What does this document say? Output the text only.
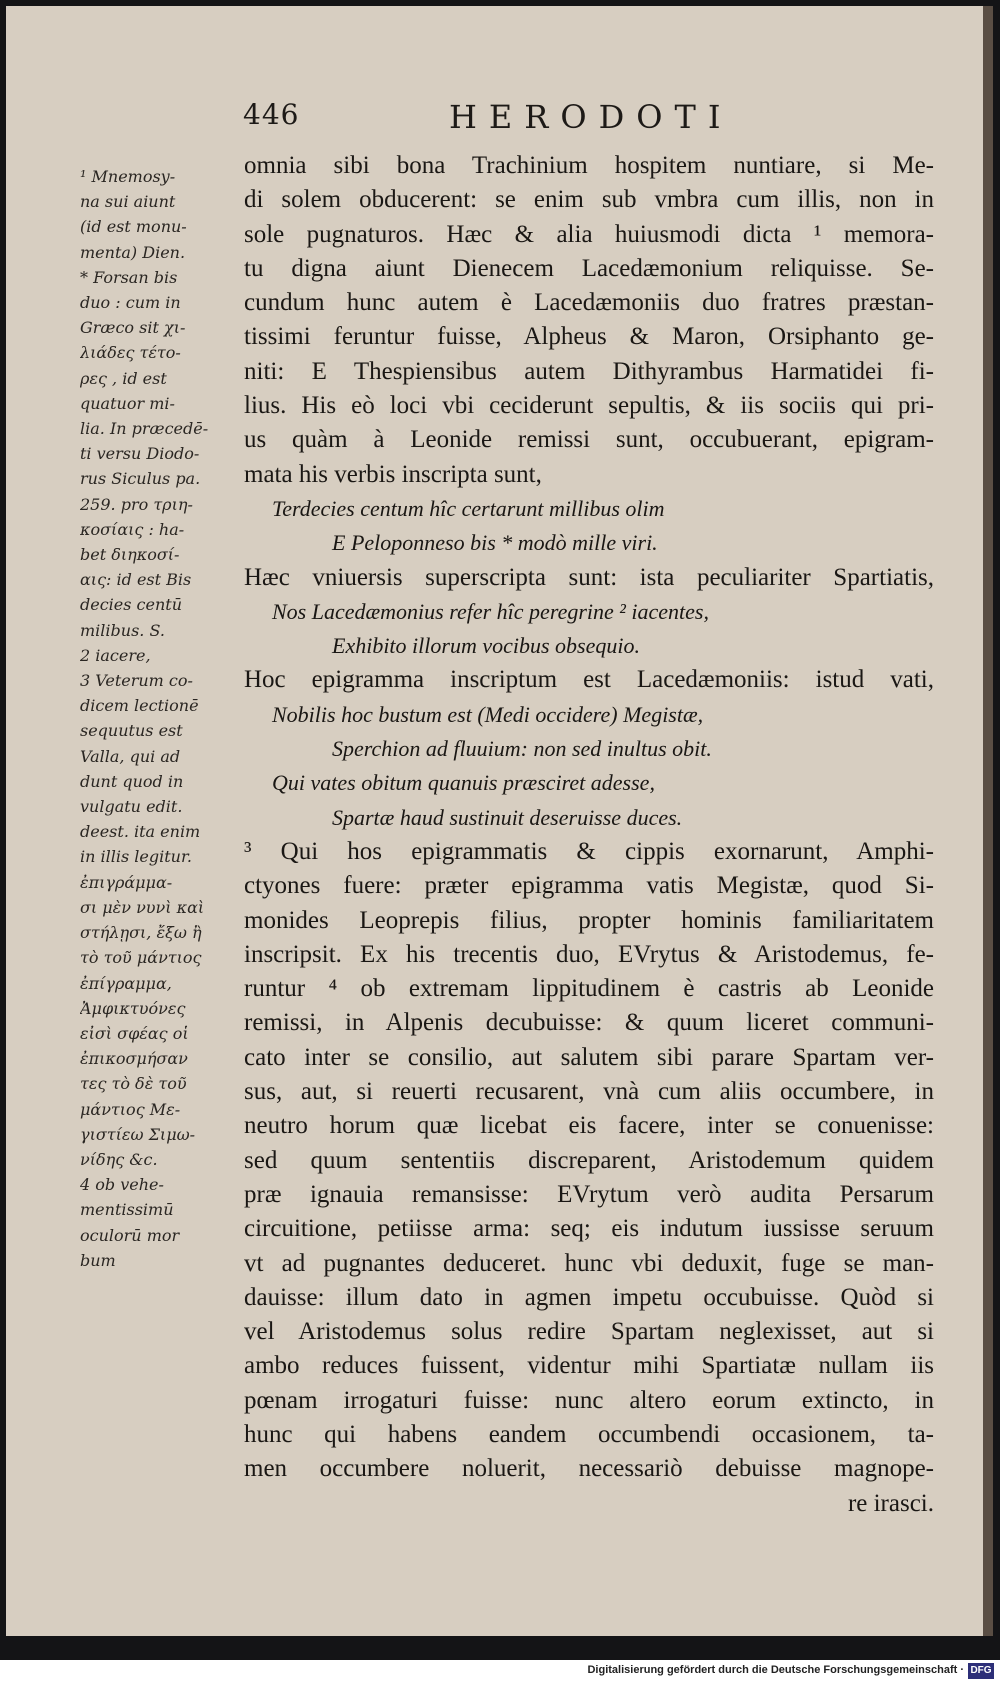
446	HERODOTI
¹ Mnemosy-
na sui aiunt
(id est monu-
menta) Dien.
* Forsan bis
duo : cum in
Græco sit χι-
λιάδες τέτο-
ρες , id est
quatuor mi-
lia. In præcedē-
ti versu Diodo-
rus Siculus pa.
259. pro τριη-
κοσίαις : ha-
bet διηκοσί-
αις: id est Bis
decies centū
milibus. S.
2 iacere,
3 Veterum co-
dicem lectionē
sequutus est
Valla, qui ad
dunt quod in
vulgatu edit.
deest. ita enim
in illis legitur.
ἐπιγράμμα-
σι μὲν νυνὶ καὶ
στήλῃσι, ἔξω ἢ
τὸ τοῦ μάντιος
ἐπίγραμμα,
Ἀμφικτυόνες
εἰσὶ σφέας οἱ
ἐπικοσμήσαν
τες τὸ δὲ τοῦ
μάντιος Με-
γιστίεω Σιμω-
νίδης &c.
4 ob vehe-
mentissimū
oculorū mor
bum
omnia sibi bona Trachinium hospitem nuntiare, si Me-
di solem obducerent: se enim sub vmbra cum illis, non in
sole pugnaturos. Hæc & alia huiusmodi dicta ¹ memora-
tu digna aiunt Dienecem Lacedæmonium reliquisse. Se-
cundum hunc autem è Lacedæmoniis duo fratres præstan-
tissimi feruntur fuisse, Alpheus & Maron, Orsiphanto ge-
niti: E Thespiensibus autem Dithyrambus Harmatidei fi-
lius. His eò loci vbi ceciderunt sepultis, & iis sociis qui pri-
us quàm à Leonide remissi sunt, occubuerant, epigram-
mata his verbis inscripta sunt,
Terdecies centum hîc certarunt millibus olim
E Peloponneso bis * modò mille viri.
Hæc vniuersis superscripta sunt: ista peculiariter Spartiatis,
Nos Lacedæmonius refer hîc peregrine ² iacentes,
Exhibito illorum vocibus obsequio.
Hoc epigramma inscriptum est Lacedæmoniis: istud vati,
Nobilis hoc bustum est (Medi occidere) Megistæ,
Sperchion ad fluuium: non sed inultus obit.
Qui vates obitum quanuis præsciret adesse,
Spartæ haud sustinuit deseruisse duces.
³ Qui hos epigrammatis & cippis exornarunt, Amphi-
ctyones fuere: præter epigramma vatis Megistæ, quod Si-
monides Leoprepis filius, propter hominis familiaritatem
inscripsit. Ex his trecentis duo, EVrytus & Aristodemus, fe-
runtur ⁴ ob extremam lippitudinem è castris ab Leonide
remissi, in Alpenis decubuisse: & quum liceret communi-
cato inter se consilio, aut salutem sibi parare Spartam ver-
sus, aut, si reuerti recusarent, vnà cum aliis occumbere, in
neutro horum quæ licebat eis facere, inter se conuenisse:
sed quum sententiis discreparent, Aristodemum quidem
præ ignauia remansisse: EVrytum verò audita Persarum
circuitione, petiisse arma: seq; eis indutum iussisse seruum
vt ad pugnantes deduceret. hunc vbi deduxit, fuge se man-
dauisse: illum dato in agmen impetu occubuisse. Quòd si
vel Aristodemus solus redire Spartam neglexisset, aut si
ambo reduces fuissent, videntur mihi Spartiatæ nullam iis
pœnam irrogaturi fuisse: nunc altero eorum extincto, in
hunc qui habens eandem occumbendi occasionem, ta-
men occumbere noluerit, necessariò debuisse magnope-
re irasci.
Digitalisierung gefördert durch die Deutsche Forschungsgemeinschaft · DFG
